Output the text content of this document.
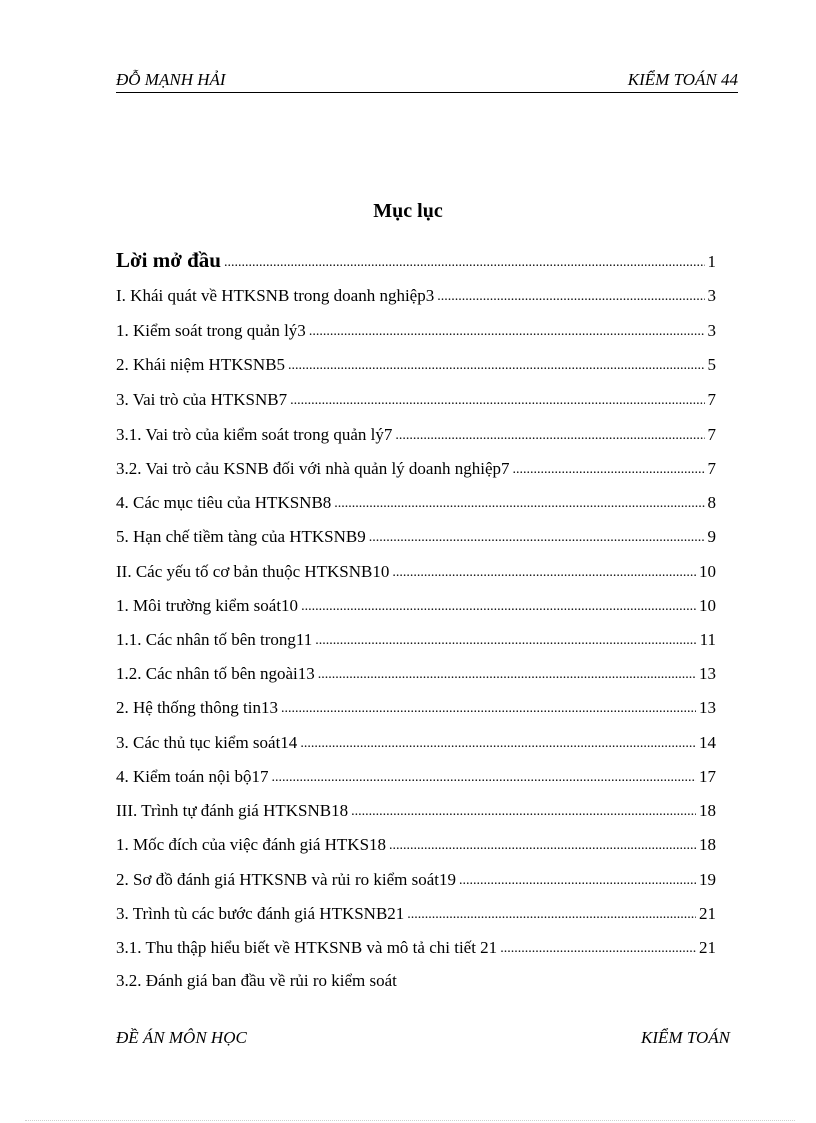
ĐỖ MẠNH HẢI	KIỂM TOÁN 44
Mục lục
Lời mở đầu .....	1
I. Khái quát về HTKSNB trong doanh nghiệp3 .....	3
1. Kiểm soát trong quản lý3 .....	3
2. Khái niệm HTKSNB5 .....	5
3. Vai trò của HTKSNB7 .....	7
3.1. Vai trò của kiểm soát trong quản lý7 .....	7
3.2. Vai trò cảu KSNB đối với nhà quản lý doanh nghiệp7 .....	7
4. Các mục tiêu của HTKSNB8 .....	8
5. Hạn chế tiềm tàng của HTKSNB9 .....	9
II. Các yếu tố cơ bản thuộc HTKSNB10 .....	10
1. Môi trường kiểm soát10 .....	10
1.1. Các nhân tố bên trong11 .....	11
1.2. Các nhân tố bên ngoài13 .....	13
2. Hệ thống thông tin13 .....	13
3. Các thủ tục kiểm soát14 .....	14
4. Kiểm toán nội bộ17 .....	17
III. Trình tự đánh giá HTKSNB18 .....	18
1. Mốc đích của việc đánh giá HTKS18 .....	18
2. Sơ đồ đánh giá HTKSNB và rủi ro kiểm soát19 .....	19
3. Trình tù các bước đánh giá HTKSNB21 .....	21
3.1. Thu thập hiểu biết về HTKSNB và mô tả chi tiết 21 .....	21
3.2. Đánh giá ban đầu về rủi ro kiểm soát
ĐỀ ÁN MÔN HỌC	KIỂM TOÁN
